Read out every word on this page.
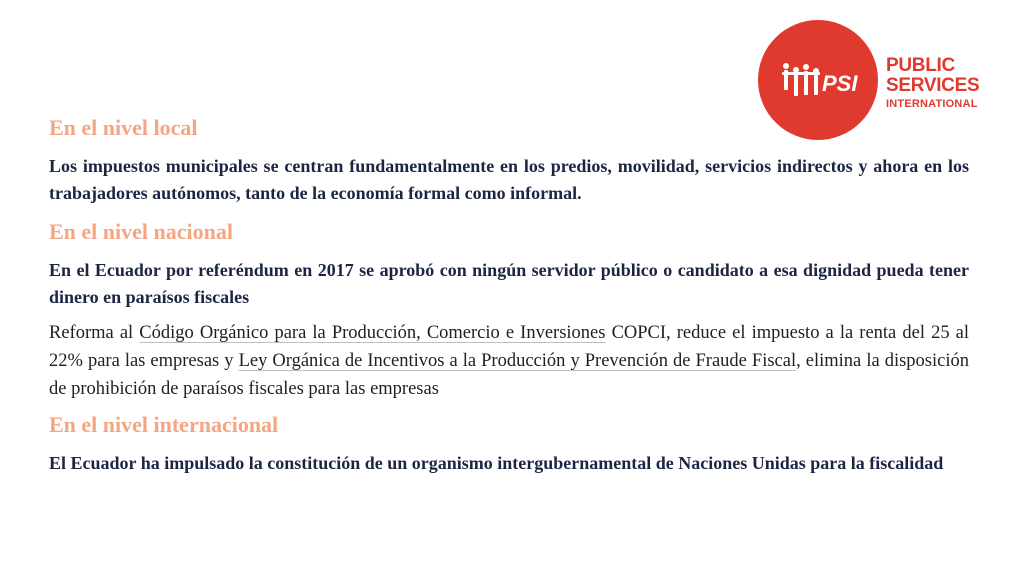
PSI
PUBLIC
SERVICES
INTERNATIONAL
En el nivel local

Los impuestos municipales se centran fundamentalmente en los predios, movilidad, servicios indirectos y ahora en los trabajadores autónomos, tanto de la economía formal como informal.

En el nivel nacional

En el Ecuador por referéndum en 2017 se aprobó con ningún servidor público o candidato a esa dignidad pueda tener dinero en paraísos fiscales

Reforma al Código Orgánico para la Producción, Comercio e Inversiones COPCI, reduce el impuesto a la renta del 25 al 22% para las empresas y Ley Orgánica de Incentivos a la Producción y Prevención de Fraude Fiscal, elimina la disposición de prohibición de paraísos fiscales para las empresas

En el nivel internacional

El Ecuador ha impulsado la constitución de un organismo intergubernamental de Naciones Unidas para la fiscalidad
